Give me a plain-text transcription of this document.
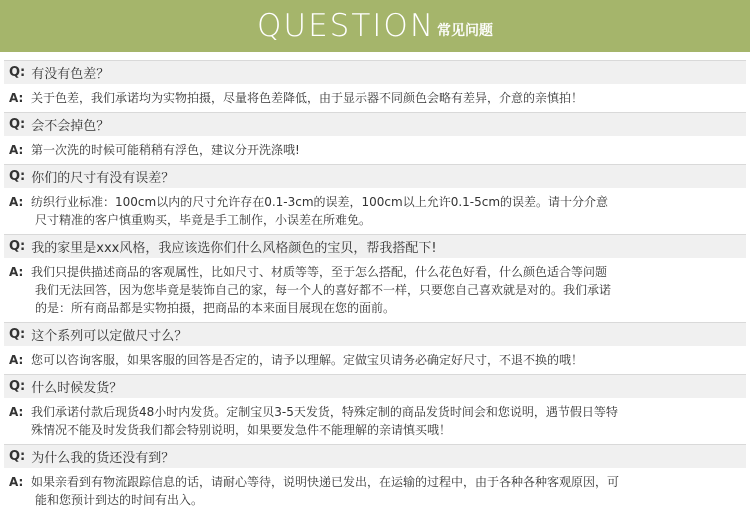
QUESTION 常见问题
Q: 有没有色差？
A: 关于色差，我们承诺均为实物拍摄，尽量将色差降低，由于显示器不同颜色会略有差异，介意的亲慎拍！
Q: 会不会掉色？
A: 第一次洗的时候可能稍稍有浮色，建议分开洗涤哦!
Q: 你们的尺寸有没有误差？
A: 纺织行业标准：100cm以内的尺寸允许存在0.1-3cm的误差，100cm以上允许0.1-5cm的误差。请十分介意
尺寸精准的客户慎重购买，毕竟是手工制作，小误差在所难免。
Q: 我的家里是xxx风格，我应该选你们什么风格颜色的宝贝，帮我搭配下!
A: 我们只提供描述商品的客观属性，比如尺寸、材质等等，至于怎么搭配，什么花色好看，什么颜色适合等问题
我们无法回答，因为您毕竟是装饰自己的家，每一个人的喜好都不一样，只要您自己喜欢就是对的。我们承诺
的是：所有商品都是实物拍摄，把商品的本来面目展现在您的面前。
Q: 这个系列可以定做尺寸么？
A: 您可以咨询客服，如果客服的回答是否定的，请予以理解。定做宝贝请务必确定好尺寸，不退不换的哦！
Q: 什么时候发货？
A: 我们承诺付款后现货48小时内发货。定制宝贝3-5天发货，特殊定制的商品发货时间会和您说明，遇节假日等特
殊情况不能及时发货我们都会特别说明，如果要发急件不能理解的亲请慎买哦！
Q: 为什么我的货还没有到？
A: 如果亲看到有物流跟踪信息的话，请耐心等待，说明快递已发出，在运输的过程中，由于各种各种客观原因，可
能和您预计到达的时间有出入。
